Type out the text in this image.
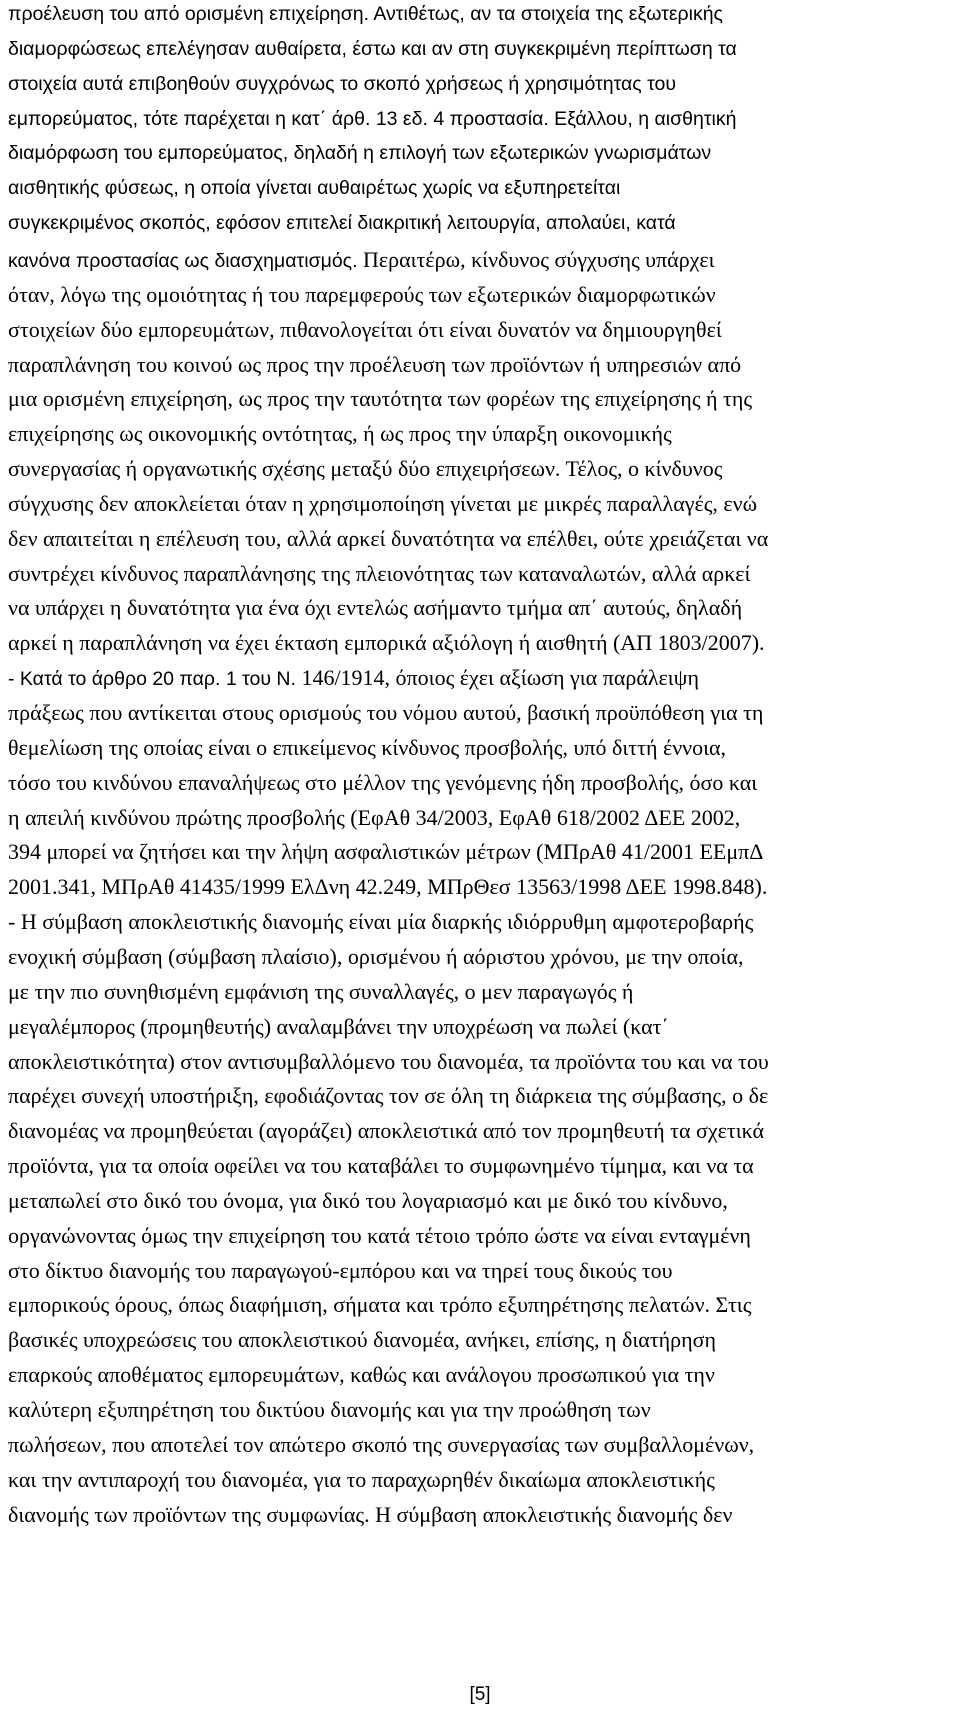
προέλευση του από ορισμένη επιχείρηση. Αντιθέτως, αν τα στοιχεία της εξωτερικής
διαμορφώσεως επελέγησαν αυθαίρετα, έστω και αν στη συγκεκριμένη περίπτωση τα
στοιχεία αυτά επιβοηθούν συγχρόνως το σκοπό χρήσεως ή χρησιμότητας του
εμπορεύματος, τότε παρέχεται η κατ΄ άρθ. 13 εδ. 4 προστασία. Εξάλλου, η αισθητική
διαμόρφωση του εμπορεύματος, δηλαδή η επιλογή των εξωτερικών γνωρισμάτων
αισθητικής φύσεως, η οποία γίνεται αυθαιρέτως χωρίς να εξυπηρετείται
συγκεκριμένος σκοπός, εφόσον επιτελεί διακριτική λειτουργία, απολαύει, κατά
κανόνα προστασίας ως διασχηματισμός. Περαιτέρω, κίνδυνος σύγχυσης υπάρχει
όταν, λόγω της ομοιότητας ή του παρεμφερούς των εξωτερικών διαμορφωτικών
στοιχείων δύο εμπορευμάτων, πιθανολογείται ότι είναι δυνατόν να δημιουργηθεί
παραπλάνηση του κοινού ως προς την προέλευση των προϊόντων ή υπηρεσιών από
μια ορισμένη επιχείρηση, ως προς την ταυτότητα των φορέων της επιχείρησης ή της
επιχείρησης ως οικονομικής οντότητας, ή ως προς την ύπαρξη οικονομικής
συνεργασίας ή οργανωτικής σχέσης μεταξύ δύο επιχειρήσεων. Τέλος, ο κίνδυνος
σύγχυσης δεν αποκλείεται όταν η χρησιμοποίηση γίνεται με μικρές παραλλαγές, ενώ
δεν απαιτείται η επέλευση του, αλλά αρκεί δυνατότητα να επέλθει, ούτε χρειάζεται να
συντρέχει κίνδυνος παραπλάνησης της πλειονότητας των καταναλωτών, αλλά αρκεί
να υπάρχει η δυνατότητα για ένα όχι εντελώς ασήμαντο τμήμα απ΄ αυτούς, δηλαδή
αρκεί η παραπλάνηση να έχει έκταση εμπορικά αξιόλογη ή αισθητή (ΑΠ 1803/2007).
- Κατά το άρθρο 20 παρ. 1 του Ν. 146/1914, όποιος έχει αξίωση για παράλειψη
πράξεως που αντίκειται στους ορισμούς του νόμου αυτού, βασική προϋπόθεση για τη
θεμελίωση της οποίας είναι ο επικείμενος κίνδυνος προσβολής, υπό διττή έννοια,
τόσο του κινδύνου επαναλήψεως στο μέλλον της γενόμενης ήδη προσβολής, όσο και
η απειλή κινδύνου πρώτης προσβολής (ΕφΑθ 34/2003, ΕφΑθ 618/2002 ΔΕΕ 2002,
394 μπορεί να ζητήσει και την λήψη ασφαλιστικών μέτρων (ΜΠρΑθ 41/2001 ΕΕμπΔ
2001.341, ΜΠρΑθ 41435/1999 ΕλΔνη 42.249, ΜΠρΘεσ 13563/1998 ΔΕΕ 1998.848).
- Η σύμβαση αποκλειστικής διανομής είναι μία διαρκής ιδιόρρυθμη αμφοτεροβαρής
ενοχική σύμβαση (σύμβαση πλαίσιο), ορισμένου ή αόριστου χρόνου, με την οποία,
με την πιο συνηθισμένη εμφάνιση της συναλλαγές, ο μεν παραγωγός ή
μεγαλέμπορος (προμηθευτής) αναλαμβάνει την υποχρέωση να πωλεί (κατ΄
αποκλειστικότητα) στον αντισυμβαλλόμενο του διανομέα, τα προϊόντα του και να του
παρέχει συνεχή υποστήριξη, εφοδιάζοντας τον σε όλη τη διάρκεια της σύμβασης, ο δε
διανομέας να προμηθεύεται (αγοράζει) αποκλειστικά από τον προμηθευτή τα σχετικά
προϊόντα, για τα οποία οφείλει να του καταβάλει το συμφωνημένο τίμημα, και να τα
μεταπωλεί στο δικό του όνομα, για δικό του λογαριασμό και με δικό του κίνδυνο,
οργανώνοντας όμως την επιχείρηση του κατά τέτοιο τρόπο ώστε να είναι ενταγμένη
στο δίκτυο διανομής του παραγωγού-εμπόρου και να τηρεί τους δικούς του
εμπορικούς όρους, όπως διαφήμιση, σήματα και τρόπο εξυπηρέτησης πελατών. Στις
βασικές υποχρεώσεις του αποκλειστικού διανομέα, ανήκει, επίσης, η διατήρηση
επαρκούς αποθέματος εμπορευμάτων, καθώς και ανάλογου προσωπικού για την
καλύτερη εξυπηρέτηση του δικτύου διανομής και για την προώθηση των
πωλήσεων, που αποτελεί τον απώτερο σκοπό της συνεργασίας των συμβαλλομένων,
και την αντιπαροχή του διανομέα, για το παραχωρηθέν δικαίωμα αποκλειστικής
διανομής των προϊόντων της συμφωνίας. Η σύμβαση αποκλειστικής διανομής δεν
[5]
